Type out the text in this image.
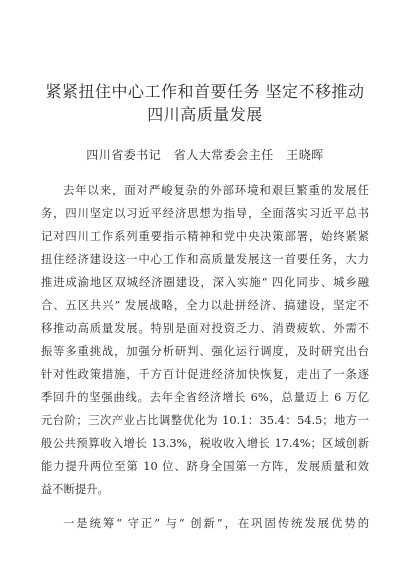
紧紧扭住中心工作和首要任务 坚定不移推动
四川高质量发展
四川省委书记　省人大常委会主任　王晓晖
去年以来，面对严峻复杂的外部环境和艰巨繁重的发展任
务，四川坚定以习近平经济思想为指导，全面落实习近平总书
记对四川工作系列重要指示精神和党中央决策部署，始终紧紧
扭住经济建设这一中心工作和高质量发展这一首要任务，大力
推进成渝地区双城经济圈建设，深入实施“ 四化同步、城乡融
合、五区共兴” 发展战略，全力以赴拼经济、搞建设，坚定不
移推动高质量发展。特别是面对投资乏力、消费疲软、外需不
振等多重挑战，加强分析研判、强化运行调度，及时研究出台
针对性政策措施，千方百计促进经济加快恢复，走出了一条逐
季回升的坚强曲线。去年全省经济增长 6%，总量迈上 6 万亿
元台阶；三次产业占比调整优化为 10.1：35.4：54.5；地方一
般公共预算收入增长 13.3%，税收收入增长 17.4%；区域创新
能力提升两位至第 10 位、跻身全国第一方阵，发展质量和效
益不断提升。
一是统筹“ 守正” 与“ 创新”，在巩固传统发展优势的
